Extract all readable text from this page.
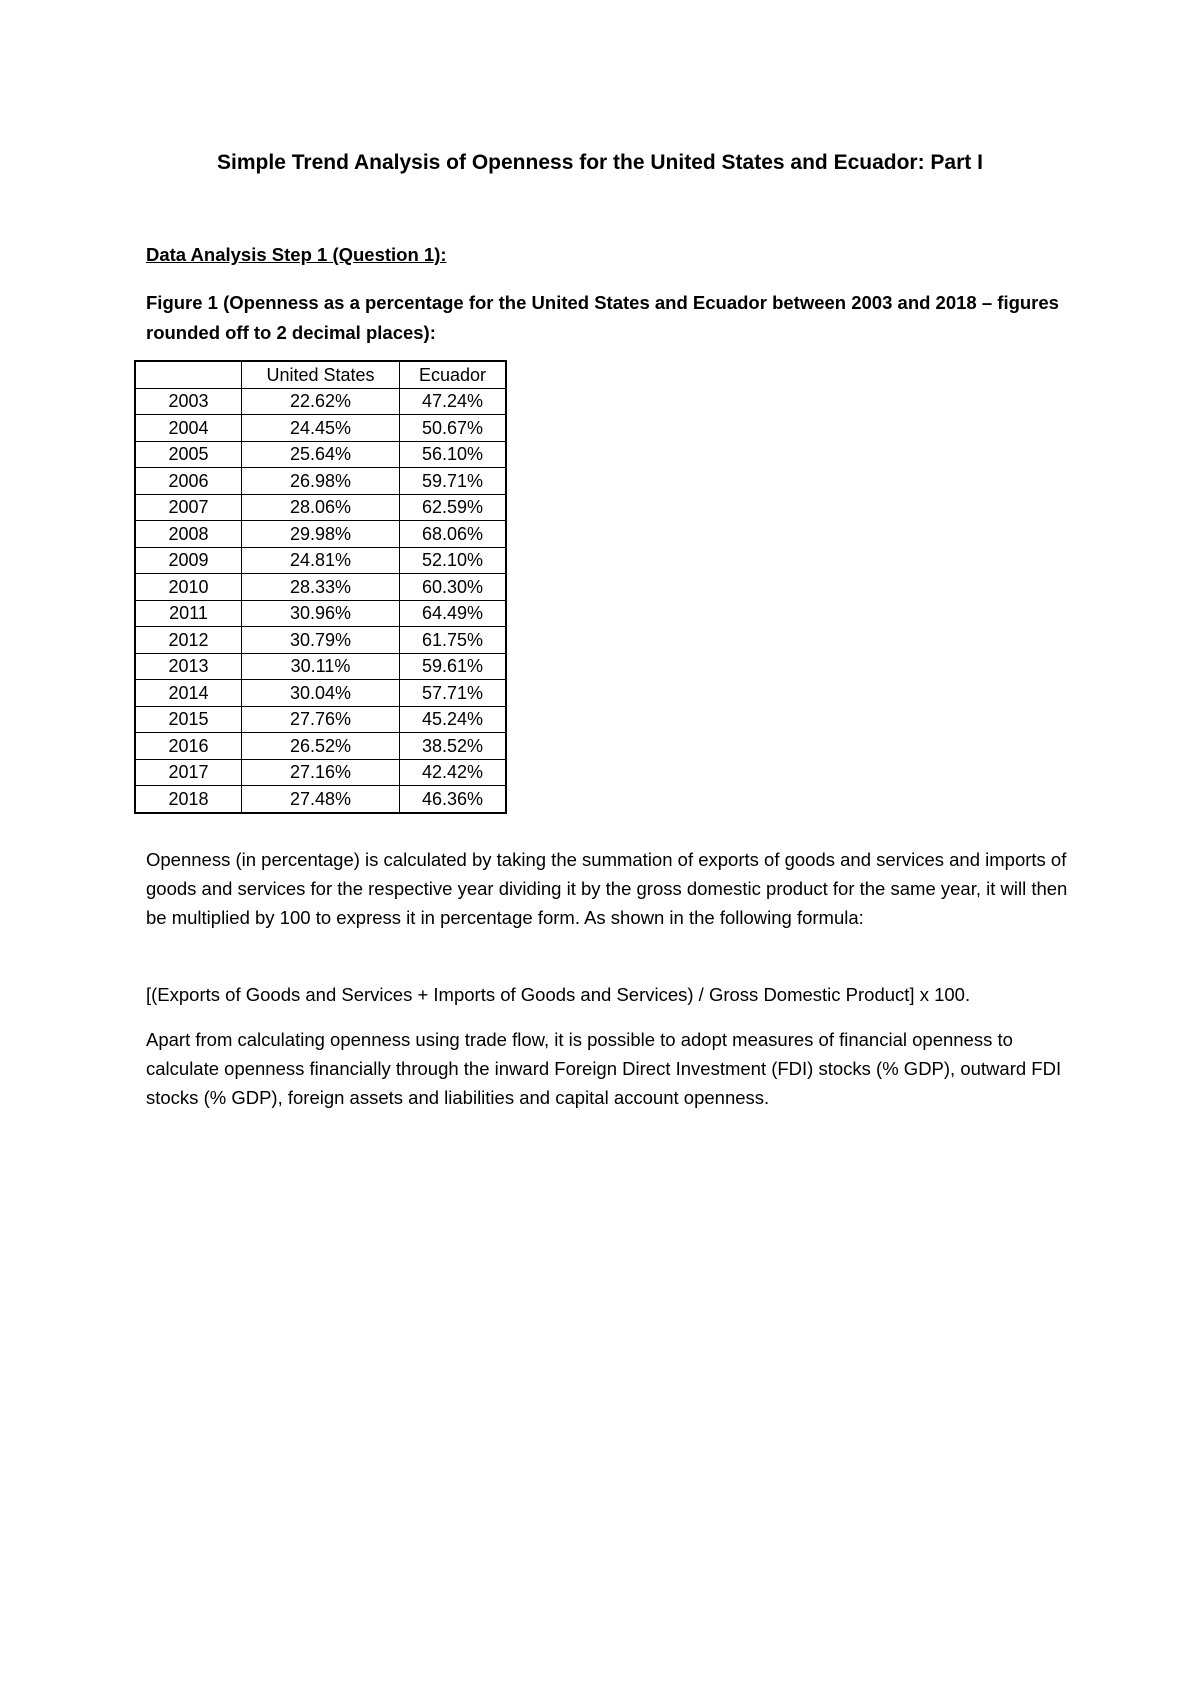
Simple Trend Analysis of Openness for the United States and Ecuador: Part I
Data Analysis Step 1 (Question 1):
Figure 1 (Openness as a percentage for the United States and Ecuador between 2003 and 2018 – figures rounded off to 2 decimal places):
	United States	Ecuador
2003	22.62%	47.24%
2004	24.45%	50.67%
2005	25.64%	56.10%
2006	26.98%	59.71%
2007	28.06%	62.59%
2008	29.98%	68.06%
2009	24.81%	52.10%
2010	28.33%	60.30%
2011	30.96%	64.49%
2012	30.79%	61.75%
2013	30.11%	59.61%
2014	30.04%	57.71%
2015	27.76%	45.24%
2016	26.52%	38.52%
2017	27.16%	42.42%
2018	27.48%	46.36%

Openness (in percentage) is calculated by taking the summation of exports of goods and services and imports of goods and services for the respective year dividing it by the gross domestic product for the same year, it will then be multiplied by 100 to express it in percentage form. As shown in the following formula:

[(Exports of Goods and Services + Imports of Goods and Services) / Gross Domestic Product] x 100.

Apart from calculating openness using trade flow, it is possible to adopt measures of financial openness to calculate openness financially through the inward Foreign Direct Investment (FDI) stocks (% GDP), outward FDI stocks (% GDP), foreign assets and liabilities and capital account openness.
